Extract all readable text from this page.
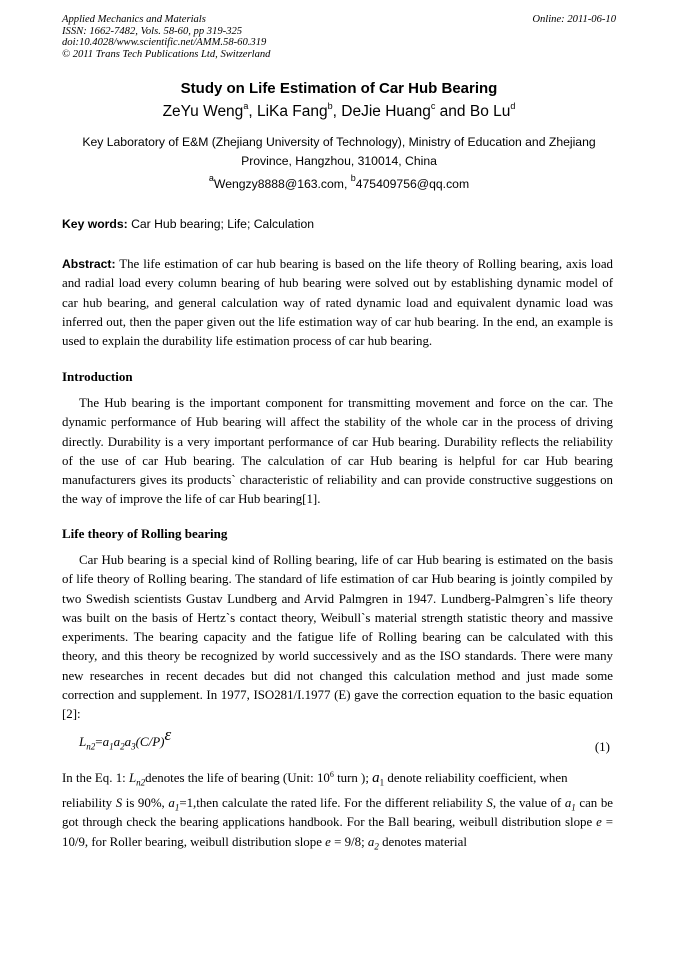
Applied Mechanics and Materials
ISSN: 1662-7482, Vols. 58-60, pp 319-325
doi:10.4028/www.scientific.net/AMM.58-60.319
© 2011 Trans Tech Publications Ltd, Switzerland
Online: 2011-06-10
Study on Life Estimation of Car Hub Bearing
ZeYu Weng$^a$, LiKa Fang$^b$, DeJie Huang$^c$ and Bo Lu$^d$
Key Laboratory of E&M (Zhejiang University of Technology), Ministry of Education and Zhejiang Province, Hangzhou, 310014, China
$^a$Wengzy8888@163.com, $^b$475409756@qq.com
Key words: Car Hub bearing; Life; Calculation
Abstract: The life estimation of car hub bearing is based on the life theory of Rolling bearing, axis load and radial load every column bearing of hub bearing were solved out by establishing dynamic model of car hub bearing, and general calculation way of rated dynamic load and equivalent dynamic load was inferred out, then the paper given out the life estimation way of car hub bearing. In the end, an example is used to explain the durability life estimation process of car hub bearing.
Introduction

The Hub bearing is the important component for transmitting movement and force on the car. The dynamic performance of Hub bearing will affect the stability of the whole car in the process of driving directly. Durability is a very important performance of car Hub bearing. Durability reflects the reliability of the use of car Hub bearing. The calculation of car Hub bearing is helpful for car Hub bearing manufacturers gives its products` characteristic of reliability and can provide constructive suggestions on the way of improve the life of car Hub bearing[1].

Life theory of Rolling bearing

Car Hub bearing is a special kind of Rolling bearing, life of car Hub bearing is estimated on the basis of life theory of Rolling bearing. The standard of life estimation of car Hub bearing is jointly compiled by two Swedish scientists Gustav Lundberg and Arvid Palmgren in 1947. Lundberg-Palmgren`s life theory was built on the basis of Hertz`s contact theory, Weibull`s material strength statistic theory and massive experiments. The bearing capacity and the fatigue life of Rolling bearing can be calculated with this theory, and this theory be recognized by world successively and as the ISO standards. There were many new researches in recent decades but did not changed this calculation method and just made some correction and supplement. In 1977, ISO281/I.1977 (E) gave the correction equation to the basic equation [2]:

$L_{n2}=a_1a_2a_3(C/P)\varepsilon$
(1)
In the Eq. 1: $L_{n2}denotes$ the life of bearing (Unit: $10^6$ turn ); $a_1$ denote reliability coefficient, when
reliability S is 90%, $a_1=1,then$ calculate the rated life. For the different reliability S, the value of $a_1$ can be got through check the bearing applications handbook. For the Ball bearing, weibull distribution slope e = 10/9, for Roller bearing, weibull distribution slope e = 9/8; $a_2$ denotes material
